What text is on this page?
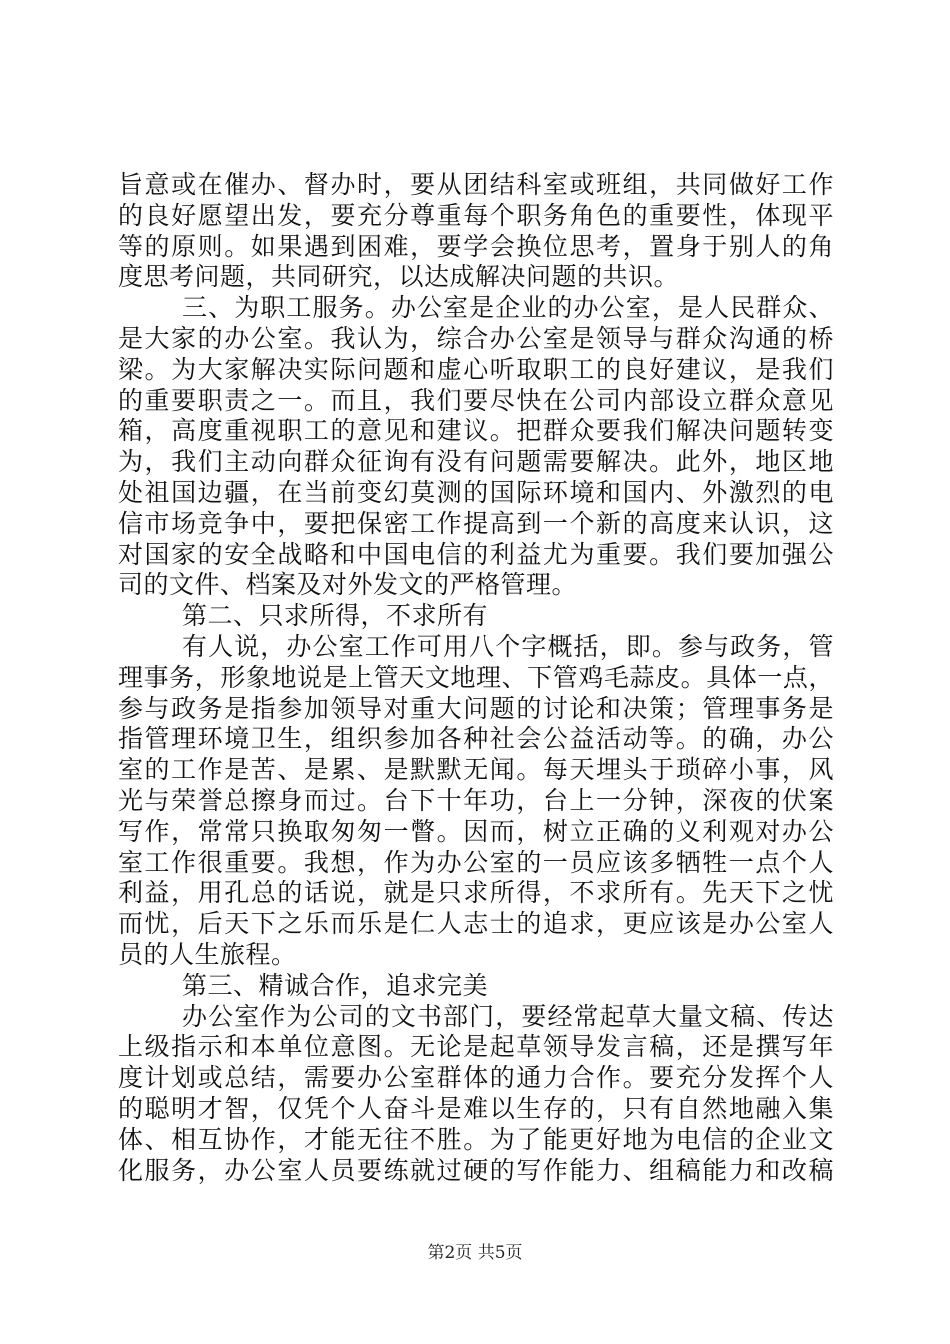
旨意或在催办、督办时，要从团结科室或班组，共同做好工作
的良好愿望出发，要充分尊重每个职务角色的重要性，体现平
等的原则。如果遇到困难，要学会换位思考，置身于别人的角
度思考问题，共同研究，以达成解决问题的共识。
三、为职工服务。办公室是企业的办公室，是人民群众、
是大家的办公室。我认为，综合办公室是领导与群众沟通的桥
梁。为大家解决实际问题和虚心听取职工的良好建议，是我们
的重要职责之一。而且，我们要尽快在公司内部设立群众意见
箱，高度重视职工的意见和建议。把群众要我们解决问题转变
为，我们主动向群众征询有没有问题需要解决。此外，地区地
处祖国边疆，在当前变幻莫测的国际环境和国内、外激烈的电
信市场竞争中，要把保密工作提高到一个新的高度来认识，这
对国家的安全战略和中国电信的利益尤为重要。我们要加强公
司的文件、档案及对外发文的严格管理。
第二、只求所得，不求所有
有人说，办公室工作可用八个字概括，即。参与政务，管
理事务，形象地说是上管天文地理、下管鸡毛蒜皮。具体一点，
参与政务是指参加领导对重大问题的讨论和决策；管理事务是
指管理环境卫生，组织参加各种社会公益活动等。的确，办公
室的工作是苦、是累、是默默无闻。每天埋头于琐碎小事，风
光与荣誉总擦身而过。台下十年功，台上一分钟，深夜的伏案
写作，常常只换取匆匆一瞥。因而，树立正确的义利观对办公
室工作很重要。我想，作为办公室的一员应该多牺牲一点个人
利益，用孔总的话说，就是只求所得，不求所有。先天下之忧
而忧，后天下之乐而乐是仁人志士的追求，更应该是办公室人
员的人生旅程。
第三、精诚合作，追求完美
办公室作为公司的文书部门，要经常起草大量文稿、传达
上级指示和本单位意图。无论是起草领导发言稿，还是撰写年
度计划或总结，需要办公室群体的通力合作。要充分发挥个人
的聪明才智，仅凭个人奋斗是难以生存的，只有自然地融入集
体、相互协作，才能无往不胜。为了能更好地为电信的企业文
化服务，办公室人员要练就过硬的写作能力、组稿能力和改稿
第2页 共5页
